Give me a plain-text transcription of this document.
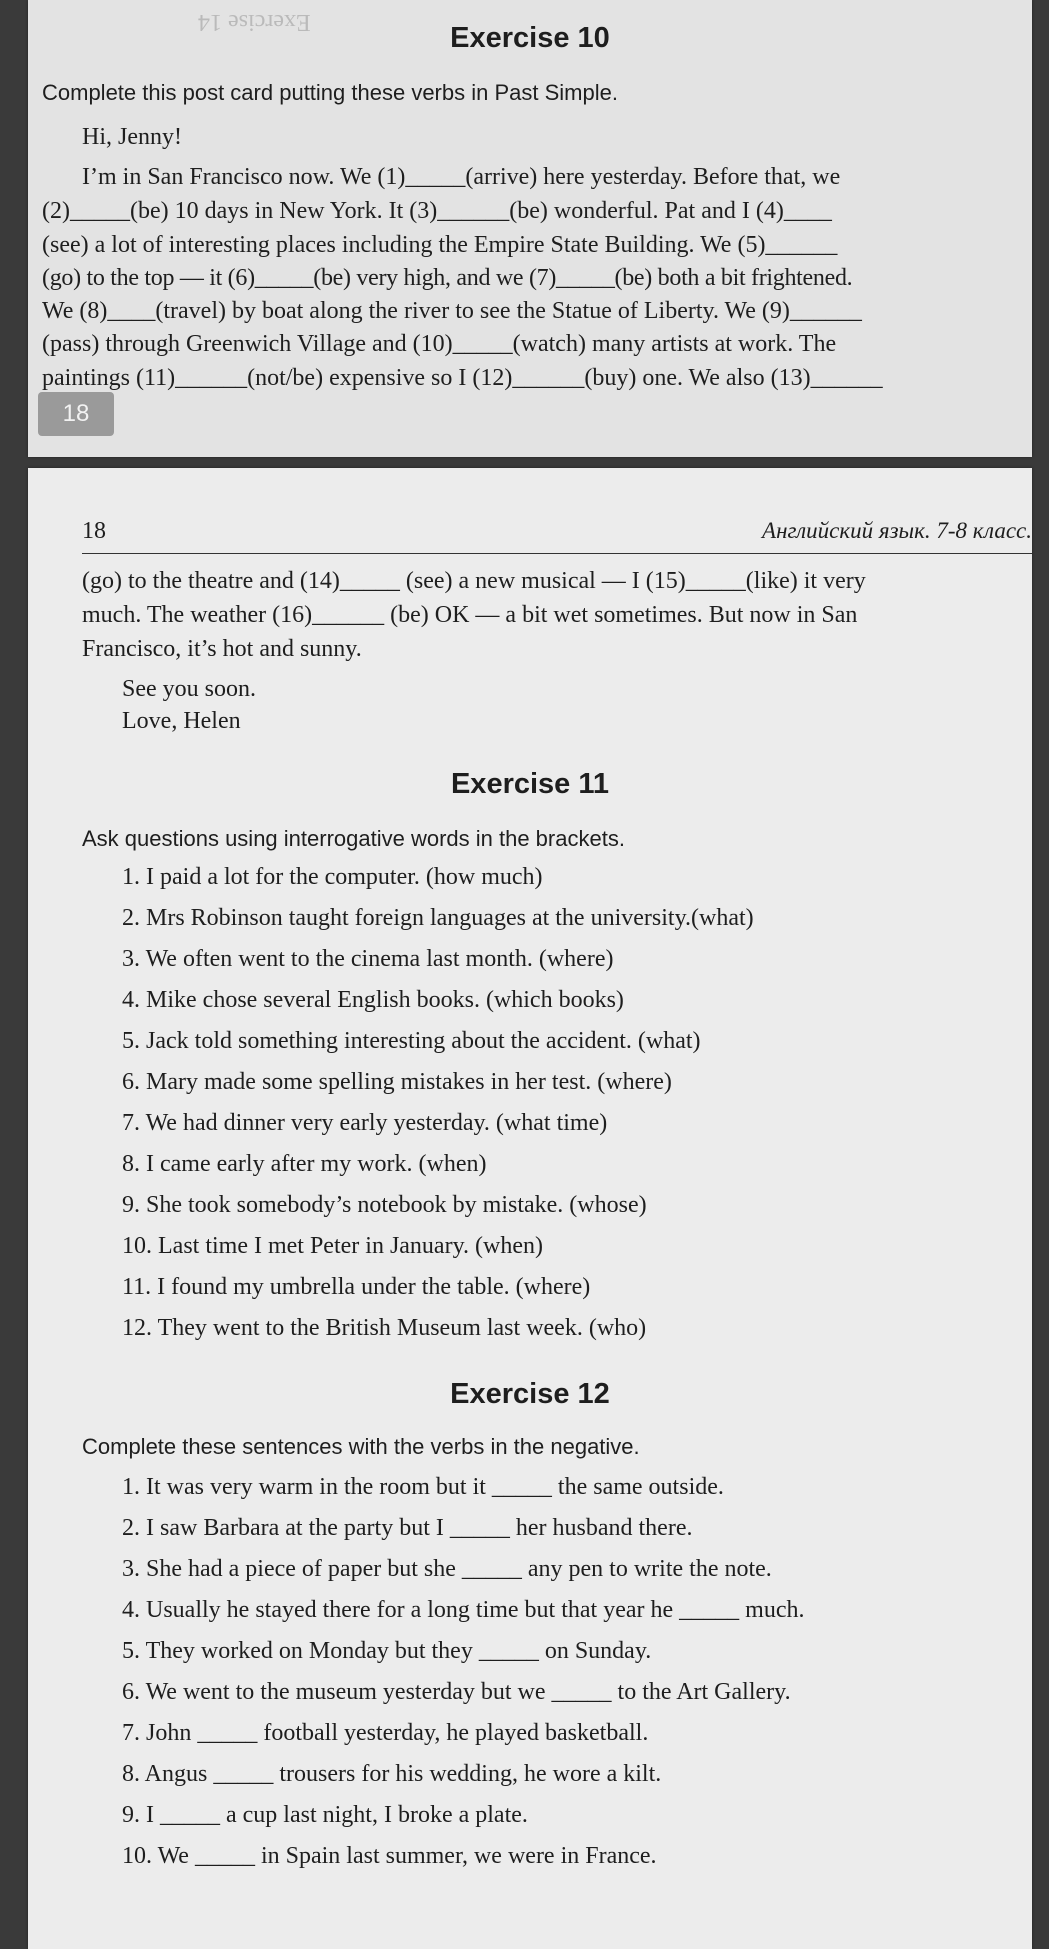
Exercise 14	Exercise 10
Complete this post card putting these verbs in Past Simple.
Hi, Jenny!
I’m in San Francisco now. We (1)_____(arrive) here yesterday. Before that, we
(2)_____(be) 10 days in New York. It (3)______(be) wonderful. Pat and I (4)____
(see) a lot of interesting places including the Empire State Building. We (5)______
(go) to the top — it (6)_____(be) very high, and we (7)_____(be) both a bit frightened.
We (8)____(travel) by boat along the river to see the Statue of Liberty. We (9)______
(pass) through Greenwich Village and (10)_____(watch) many artists at work. The
paintings (11)______(not/be) expensive so I (12)______(buy) one. We also (13)______
18
18	Английский язык. 7-8 класс.
(go) to the theatre and (14)_____ (see) a new musical — I (15)_____(like) it very
much. The weather (16)______ (be) OK — a bit wet sometimes. But now in San
Francisco, it’s hot and sunny.
See you soon.
Love, Helen
Exercise 11
Ask questions using interrogative words in the brackets.
1. I paid a lot for the computer. (how much)
2. Mrs Robinson taught foreign languages at the university.(what)
3. We often went to the cinema last month. (where)
4. Mike chose several English books. (which books)
5. Jack told something interesting about the accident. (what)
6. Mary made some spelling mistakes in her test. (where)
7. We had dinner very early yesterday. (what time)
8. I came early after my work. (when)
9. She took somebody’s notebook by mistake. (whose)
10. Last time I met Peter in January. (when)
11. I found my umbrella under the table. (where)
12. They went to the British Museum last week. (who)
Exercise 12
Complete these sentences with the verbs in the negative.
1. It was very warm in the room but it _____ the same outside.
2. I saw Barbara at the party but I _____ her husband there.
3. She had a piece of paper but she _____ any pen to write the note.
4. Usually he stayed there for a long time but that year he _____ much.
5. They worked on Monday but they _____ on Sunday.
6. We went to the museum yesterday but we _____ to the Art Gallery.
7. John _____ football yesterday, he played basketball.
8. Angus _____ trousers for his wedding, he wore a kilt.
9. I _____ a cup last night, I broke a plate.
10. We _____ in Spain last summer, we were in France.
